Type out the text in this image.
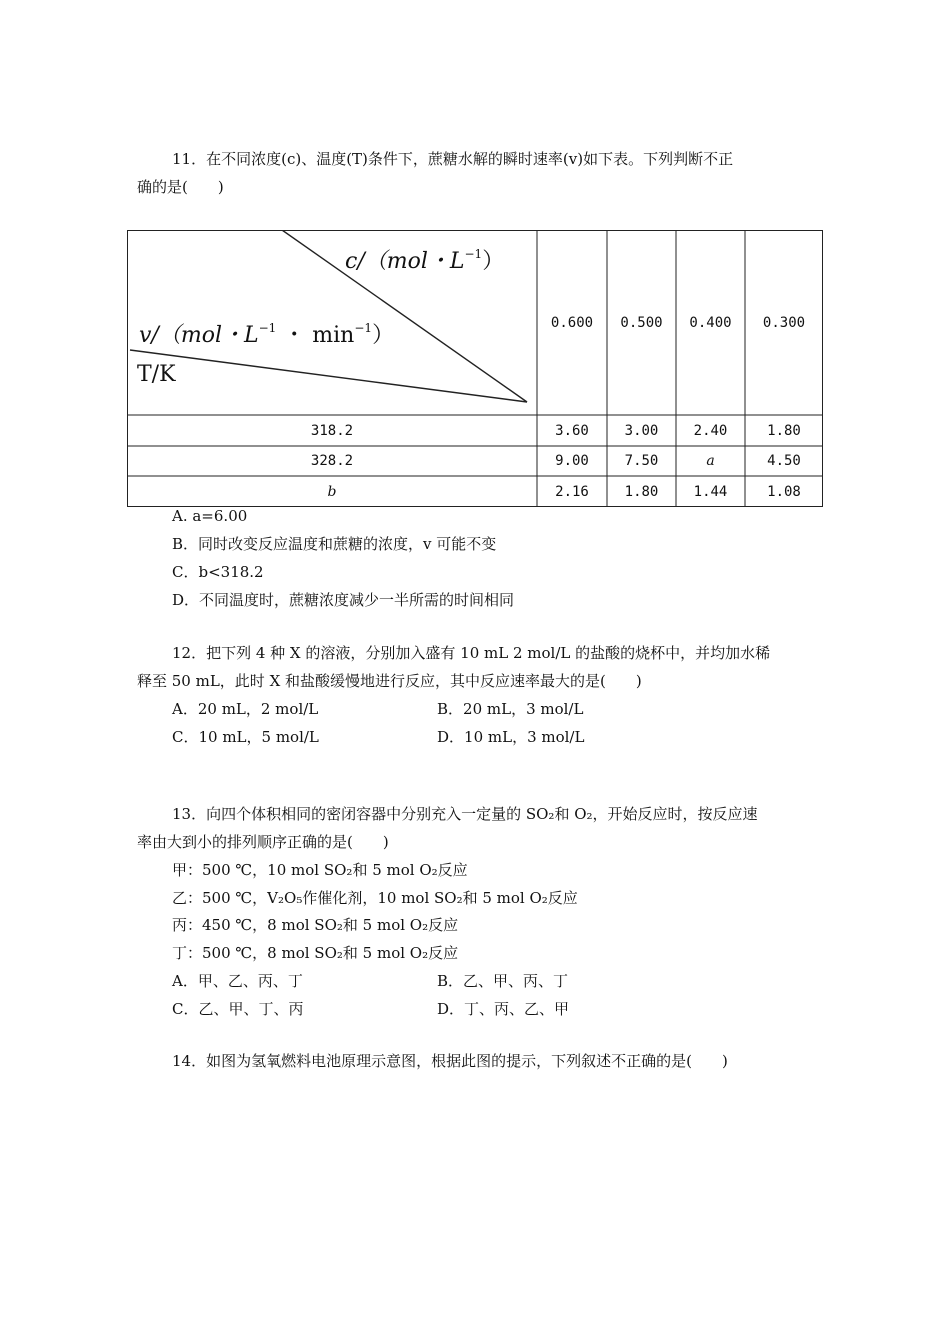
11．在不同浓度(c)、温度(T)条件下，蔗糖水解的瞬时速率(v)如下表。下列判断不正
确的是(　　)
c/（mol・$L^{-1}$）
v/（mol・$L^{-1}$ ・ $\min^{-1}$）
T/K
0.600	0.500	0.400	0.300
318.2	3.60	3.00	2.40	1.80
328.2	9.00	7.50	a	4.50
b	2.16	1.80	1.44	1.08
A. a=6.00
B．同时改变反应温度和蔗糖的浓度，v 可能不变
C．b<318.2
D．不同温度时，蔗糖浓度减少一半所需的时间相同
12．把下列 4 种 X 的溶液，分别加入盛有 10 mL 2 mol/L 的盐酸的烧杯中，并均加水稀
释至 50 mL，此时 X 和盐酸缓慢地进行反应，其中反应速率最大的是(　　)
A．20 mL，2 mol/L	B．20 mL，3 mol/L
C．10 mL，5 mol/L	D．10 mL，3 mol/L
13．向四个体积相同的密闭容器中分别充入一定量的 SO₂和 O₂，开始反应时，按反应速
率由大到小的排列顺序正确的是(　　)
甲：500 ℃，10 mol SO₂和 5 mol O₂反应
乙：500 ℃，V₂O₅作催化剂，10 mol SO₂和 5 mol O₂反应
丙：450 ℃，8 mol SO₂和 5 mol O₂反应
丁：500 ℃，8 mol SO₂和 5 mol O₂反应
A．甲、乙、丙、丁	B．乙、甲、丙、丁
C．乙、甲、丁、丙	D．丁、丙、乙、甲
14．如图为氢氧燃料电池原理示意图，根据此图的提示，下列叙述不正确的是(　　)
